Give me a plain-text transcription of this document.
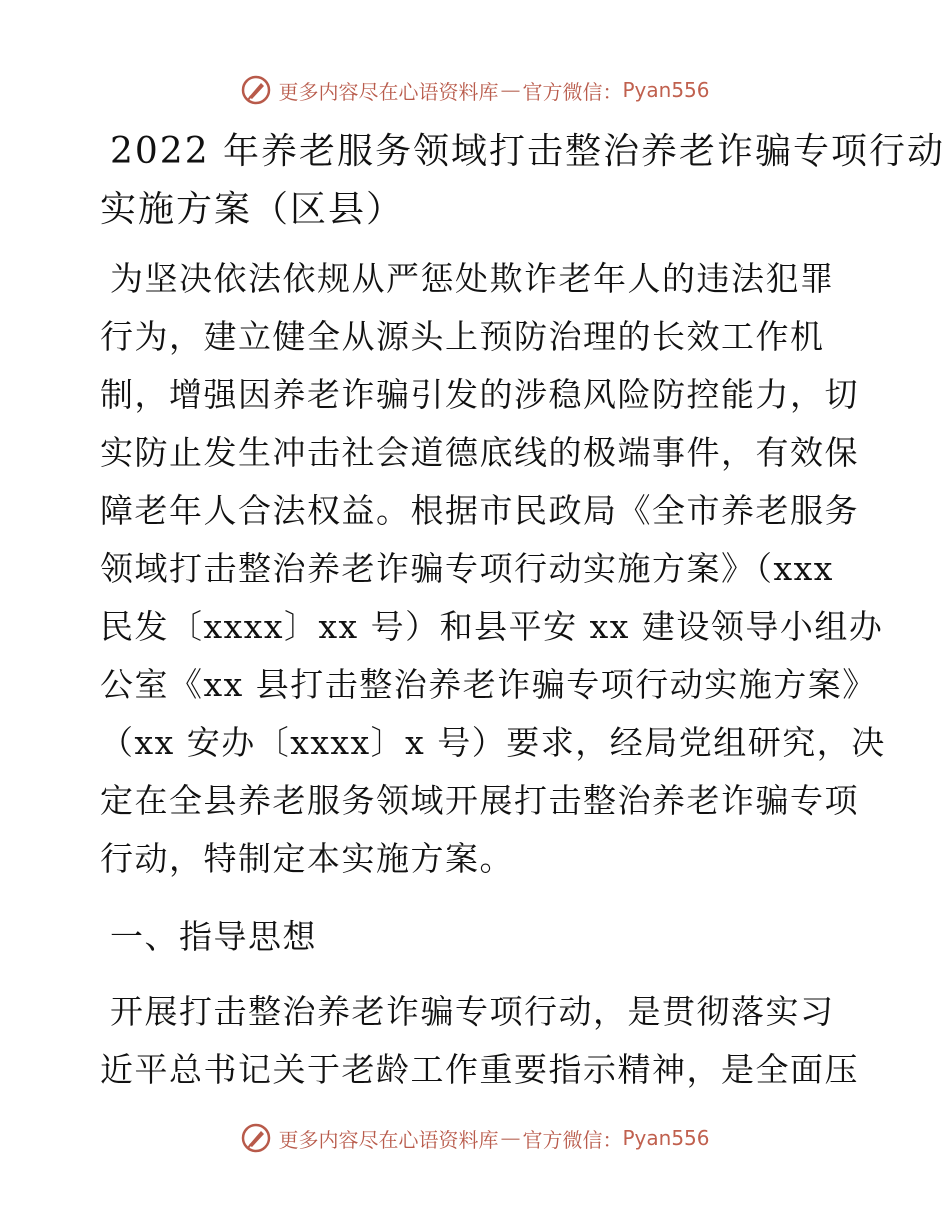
更多内容尽在心语资料库 — 官方微信： Pyan556
2022 年养老服务领域打击整治养老诈骗专项行动
实施方案（区县）
为坚决依法依规从严惩处欺诈老年人的违法犯罪
行为，建立健全从源头上预防治理的长效工作机
制，增强因养老诈骗引发的涉稳风险防控能力，切
实防止发生冲击社会道德底线的极端事件，有效保
障老年人合法权益。根据市民政局《全市养老服务
领域打击整治养老诈骗专项行动实施方案》（xxx
民发〔xxxx〕xx 号）和县平安 xx 建设领导小组办
公室《xx 县打击整治养老诈骗专项行动实施方案》
（xx 安办〔xxxx〕x 号）要求，经局党组研究，决
定在全县养老服务领域开展打击整治养老诈骗专项
行动，特制定本实施方案。
一、指导思想
开展打击整治养老诈骗专项行动，是贯彻落实习
近平总书记关于老龄工作重要指示精神，是全面压
更多内容尽在心语资料库 — 官方微信： Pyan556
